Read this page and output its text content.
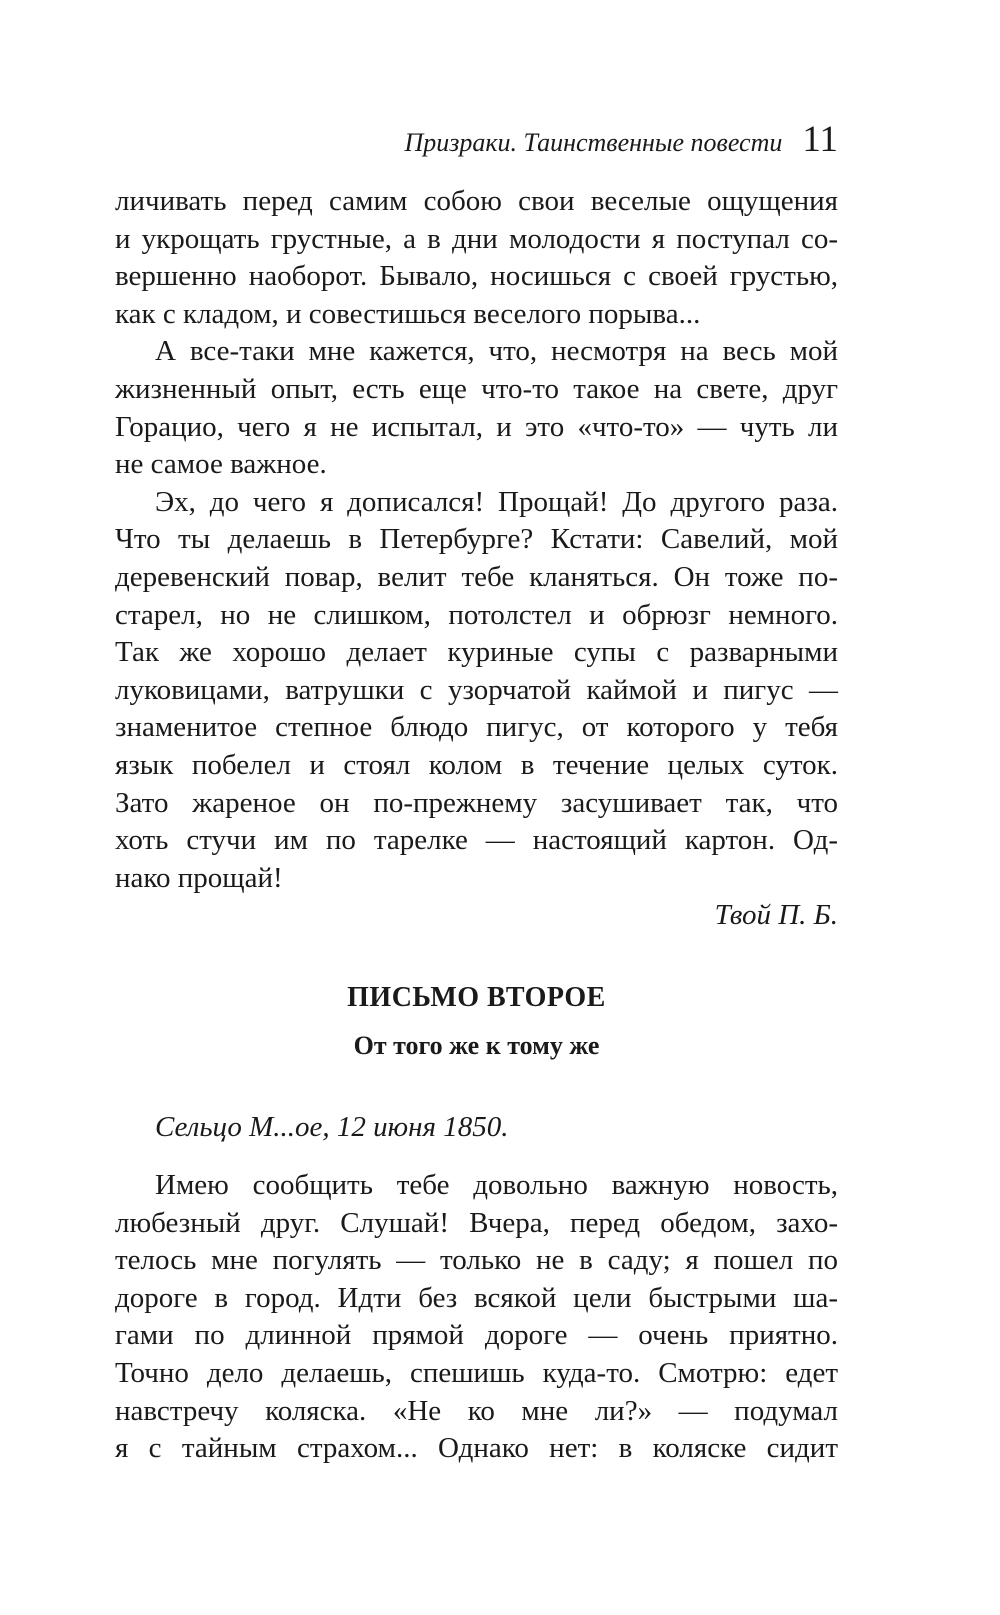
Призраки. Таинственные повести 11
личивать перед самим собою свои веселые ощущения
и укрощать грустные, а в дни молодости я поступал со-
вершенно наоборот. Бывало, носишься с своей грустью,
как с кладом, и совестишься веселого порыва...
А все-таки мне кажется, что, несмотря на весь мой
жизненный опыт, есть еще что-то такое на свете, друг
Горацио, чего я не испытал, и это «что-то» — чуть ли
не самое важное.
Эх, до чего я дописался! Прощай! До другого раза.
Что ты делаешь в Петербурге? Кстати: Савелий, мой
деревенский повар, велит тебе кланяться. Он тоже по-
старел, но не слишком, потолстел и обрюзг немного.
Так же хорошо делает куриные супы с разварными
луковицами, ватрушки с узорчатой каймой и пигус —
знаменитое степное блюдо пигус, от которого у тебя
язык побелел и стоял колом в течение целых суток.
Зато жареное он по-прежнему засушивает так, что
хоть стучи им по тарелке — настоящий картон. Од-
нако прощай!
Твой П. Б.
ПИСЬМО ВТОРОЕ
От того же к тому же
Сельцо М...ое, 12 июня 1850.
Имею сообщить тебе довольно важную новость,
любезный друг. Слушай! Вчера, перед обедом, захо-
телось мне погулять — только не в саду; я пошел по
дороге в город. Идти без всякой цели быстрыми ша-
гами по длинной прямой дороге — очень приятно.
Точно дело делаешь, спешишь куда-то. Смотрю: едет
навстречу коляска. «Не ко мне ли?» — подумал
я с тайным страхом... Однако нет: в коляске сидит
